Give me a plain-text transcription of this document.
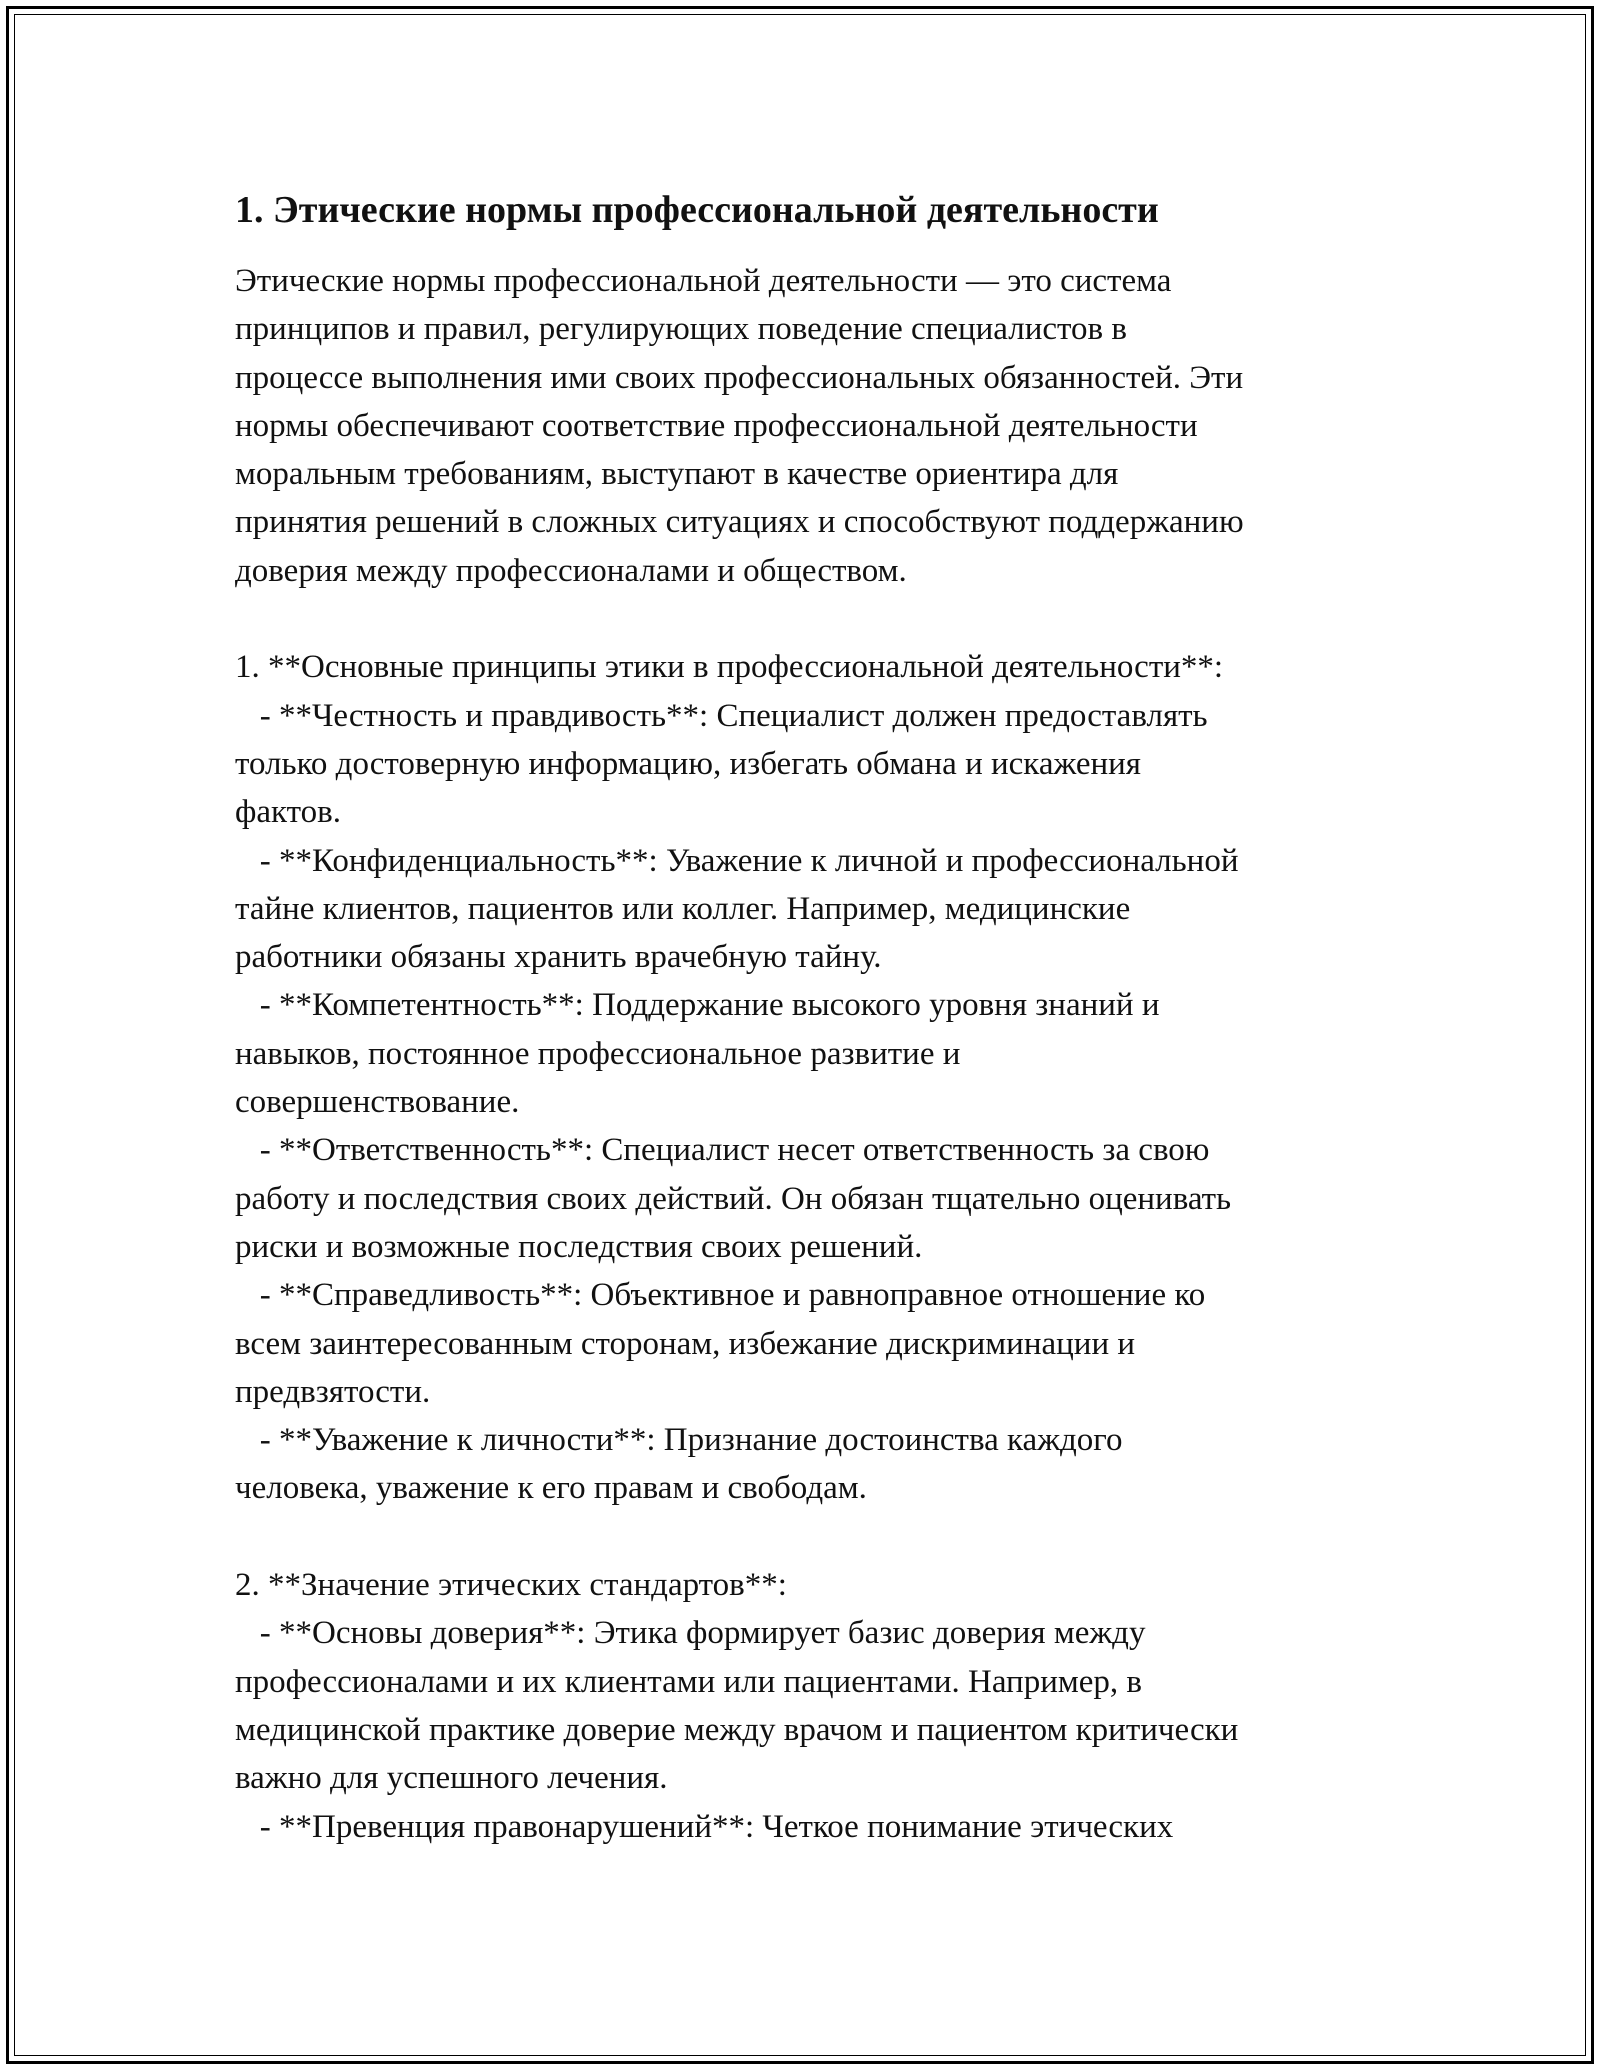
1. Этические нормы профессиональной деятельности
Этические нормы профессиональной деятельности — это система
принципов и правил, регулирующих поведение специалистов в
процессе выполнения ими своих профессиональных обязанностей. Эти
нормы обеспечивают соответствие профессиональной деятельности
моральным требованиям, выступают в качестве ориентира для
принятия решений в сложных ситуациях и способствуют поддержанию
доверия между профессионалами и обществом.
1. **Основные принципы этики в профессиональной деятельности**:
- **Честность и правдивость**: Специалист должен предоставлять
только достоверную информацию, избегать обмана и искажения
фактов.
- **Конфиденциальность**: Уважение к личной и профессиональной
тайне клиентов, пациентов или коллег. Например, медицинские
работники обязаны хранить врачебную тайну.
- **Компетентность**: Поддержание высокого уровня знаний и
навыков, постоянное профессиональное развитие и
совершенствование.
- **Ответственность**: Специалист несет ответственность за свою
работу и последствия своих действий. Он обязан тщательно оценивать
риски и возможные последствия своих решений.
- **Справедливость**: Объективное и равноправное отношение ко
всем заинтересованным сторонам, избежание дискриминации и
предвзятости.
- **Уважение к личности**: Признание достоинства каждого
человека, уважение к его правам и свободам.
2. **Значение этических стандартов**:
- **Основы доверия**: Этика формирует базис доверия между
профессионалами и их клиентами или пациентами. Например, в
медицинской практике доверие между врачом и пациентом критически
важно для успешного лечения.
- **Превенция правонарушений**: Четкое понимание этических
